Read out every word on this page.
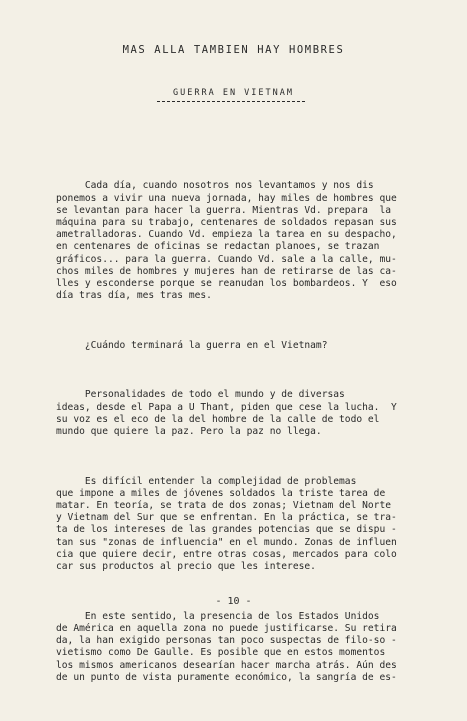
MAS ALLA TAMBIEN HAY HOMBRES
GUERRA EN VIETNAM

Cada día, cuando nosotros nos levantamos y nos dis
ponemos a vivir una nueva jornada, hay miles de hombres que
se levantan para hacer la guerra. Mientras Vd. prepara  la
máquina para su trabajo, centenares de soldados repasan sus
ametralladoras. Cuando Vd. empieza la tarea en su despacho,
en centenares de oficinas se redactan planoes, se trazan
gráficos... para la guerra. Cuando Vd. sale a la calle, mu-
chos miles de hombres y mujeres han de retirarse de las ca-
lles y esconderse porque se reanudan los bombardeos. Y  eso
día tras día, mes tras mes.

¿Cuándo terminará la guerra en el Vietnam?

Personalidades de todo el mundo y de diversas
ideas, desde el Papa a U Thant, piden que cese la lucha.  Y
su voz es el eco de la del hombre de la calle de todo el
mundo que quiere la paz. Pero la paz no llega.

Es difícil entender la complejidad de problemas
que impone a miles de jóvenes soldados la triste tarea de
matar. En teoría, se trata de dos zonas; Vietnam del Norte
y Vietnam del Sur que se enfrentan. En la práctica, se tra-
ta de los intereses de las grandes potencias que se dispu -
tan sus "zonas de influencia" en el mundo. Zonas de influen
cia que quiere decir, entre otras cosas, mercados para colo
car sus productos al precio que les interese.

En este sentido, la presencia de los Estados Unidos
de América en aquella zona no puede justificarse. Su retira
da, la han exigido personas tan poco suspectas de filo-so -
vietismo como De Gaulle. Es posible que en estos momentos
los mismos americanos desearían hacer marcha atrás. Aún des
de un punto de vista puramente económico, la sangría de es-

- 10 -
